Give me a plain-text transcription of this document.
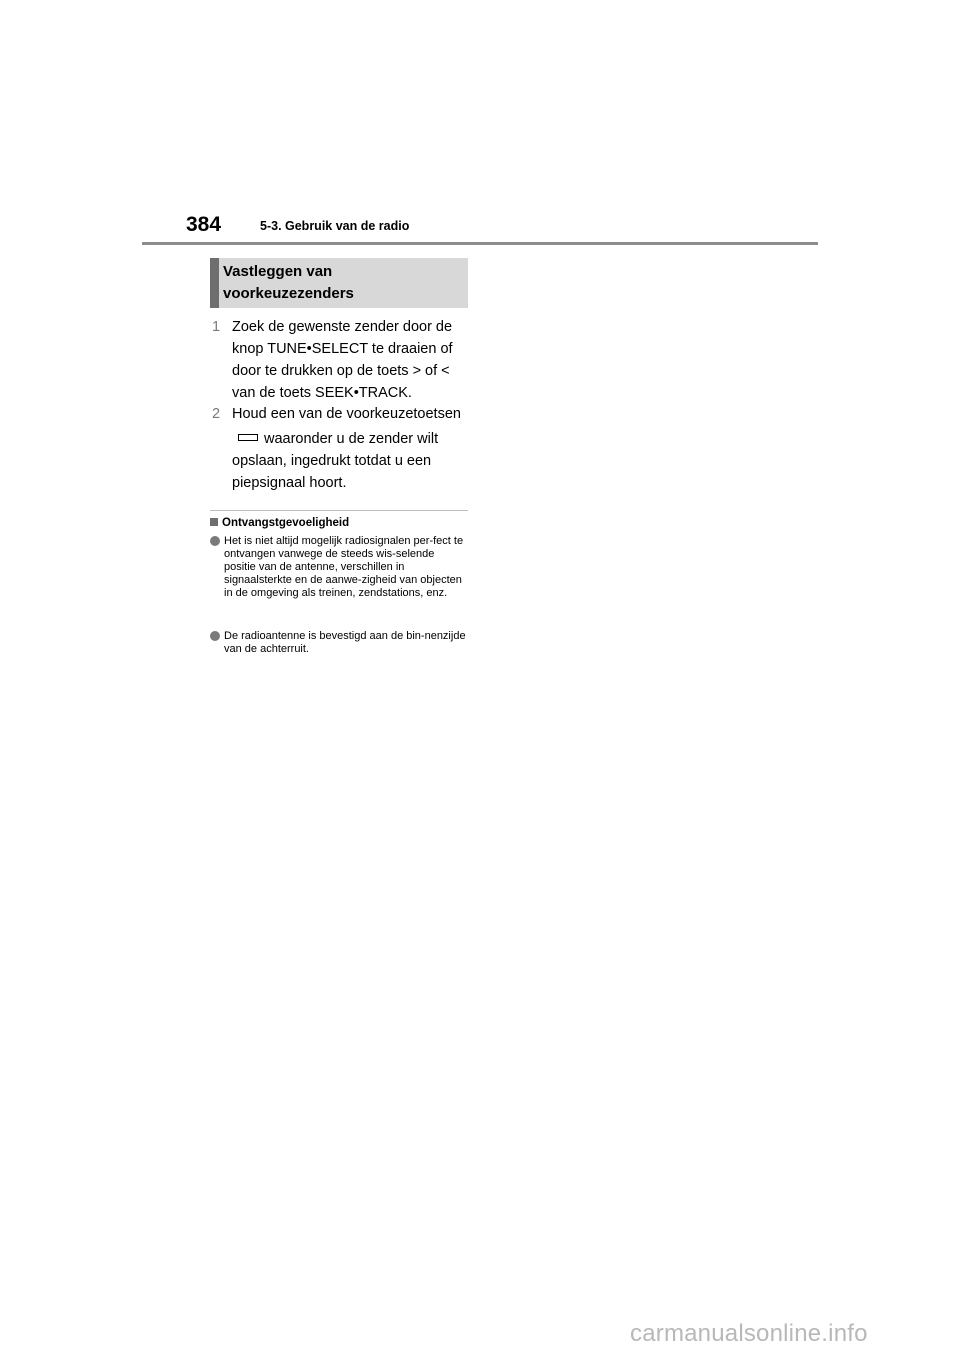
384	5-3. Gebruik van de radio
Vastleggen van
voorkeuzezenders
1 Zoek de gewenste zender door de knop TUNE•SELECT te draaien of door te drukken op de toets > of < van de toets SEEK•TRACK.
2 Houd een van de voorkeuzetoetsen
waaronder u de zender wilt opslaan, ingedrukt totdat u een piepsignaal hoort.
Ontvangstgevoeligheid
Het is niet altijd mogelijk radiosignalen per-fect te ontvangen vanwege de steeds wis-selende positie van de antenne, verschillen in signaalsterkte en de aanwe-zigheid van objecten in de omgeving als treinen, zendstations, enz.
De radioantenne is bevestigd aan de bin-nenzijde van de achterruit.
carmanualsonline.info
